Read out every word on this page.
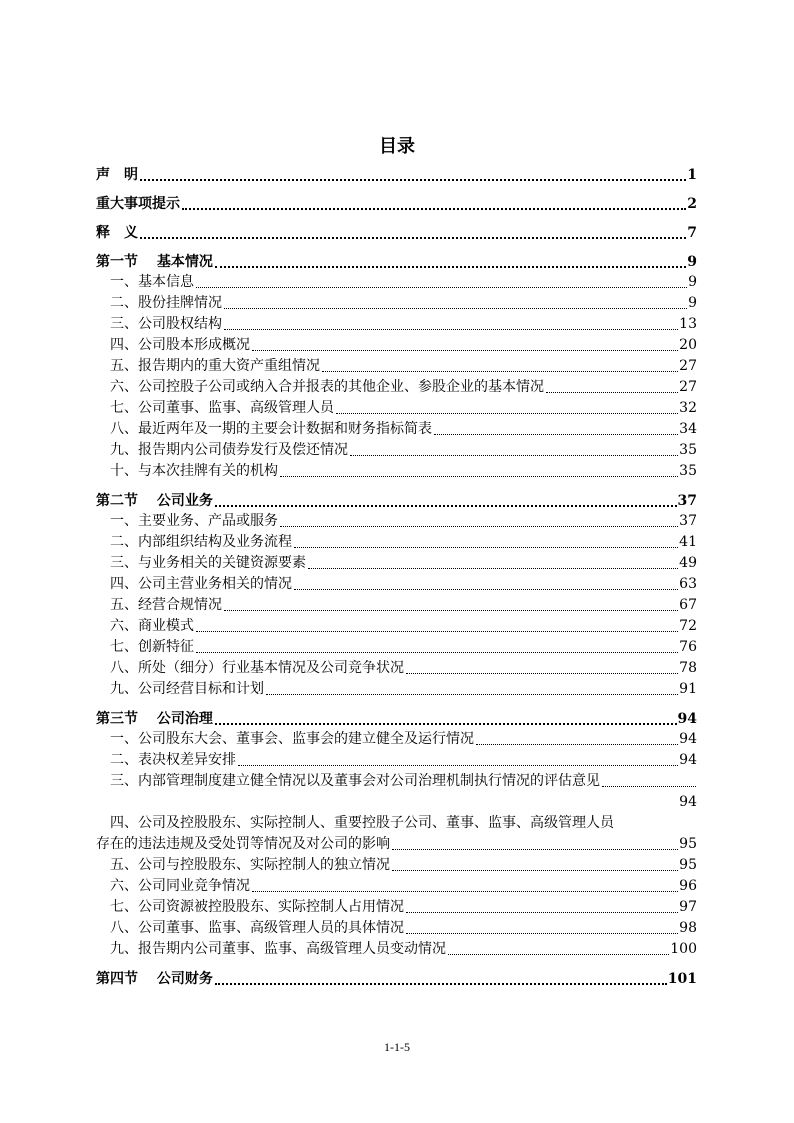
目录
声　明	1
重大事项提示	2
释　义	7
第一节　 基本情况	9
一、基本信息	9
二、股份挂牌情况	9
三、公司股权结构	13
四、公司股本形成概况	20
五、报告期内的重大资产重组情况	27
六、公司控股子公司或纳入合并报表的其他企业、参股企业的基本情况	27
七、公司董事、监事、高级管理人员	32
八、最近两年及一期的主要会计数据和财务指标简表	34
九、报告期内公司债券发行及偿还情况	35
十、与本次挂牌有关的机构	35
第二节　 公司业务	37
一、主要业务、产品或服务	37
二、内部组织结构及业务流程	41
三、与业务相关的关键资源要素	49
四、公司主营业务相关的情况	63
五、经营合规情况	67
六、商业模式	72
七、创新特征	76
八、所处（细分）行业基本情况及公司竞争状况	78
九、公司经营目标和计划	91
第三节　 公司治理	94
一、公司股东大会、董事会、监事会的建立健全及运行情况	94
二、表决权差异安排	94
三、内部管理制度建立健全情况以及董事会对公司治理机制执行情况的评估意见
94
四、公司及控股股东、实际控制人、重要控股子公司、董事、监事、高级管理人员
存在的违法违规及受处罚等情况及对公司的影响	95
五、公司与控股股东、实际控制人的独立情况	95
六、公司同业竞争情况	96
七、公司资源被控股股东、实际控制人占用情况	97
八、公司董事、监事、高级管理人员的具体情况	98
九、报告期内公司董事、监事、高级管理人员变动情况	100
第四节　 公司财务	101
1-1-5
